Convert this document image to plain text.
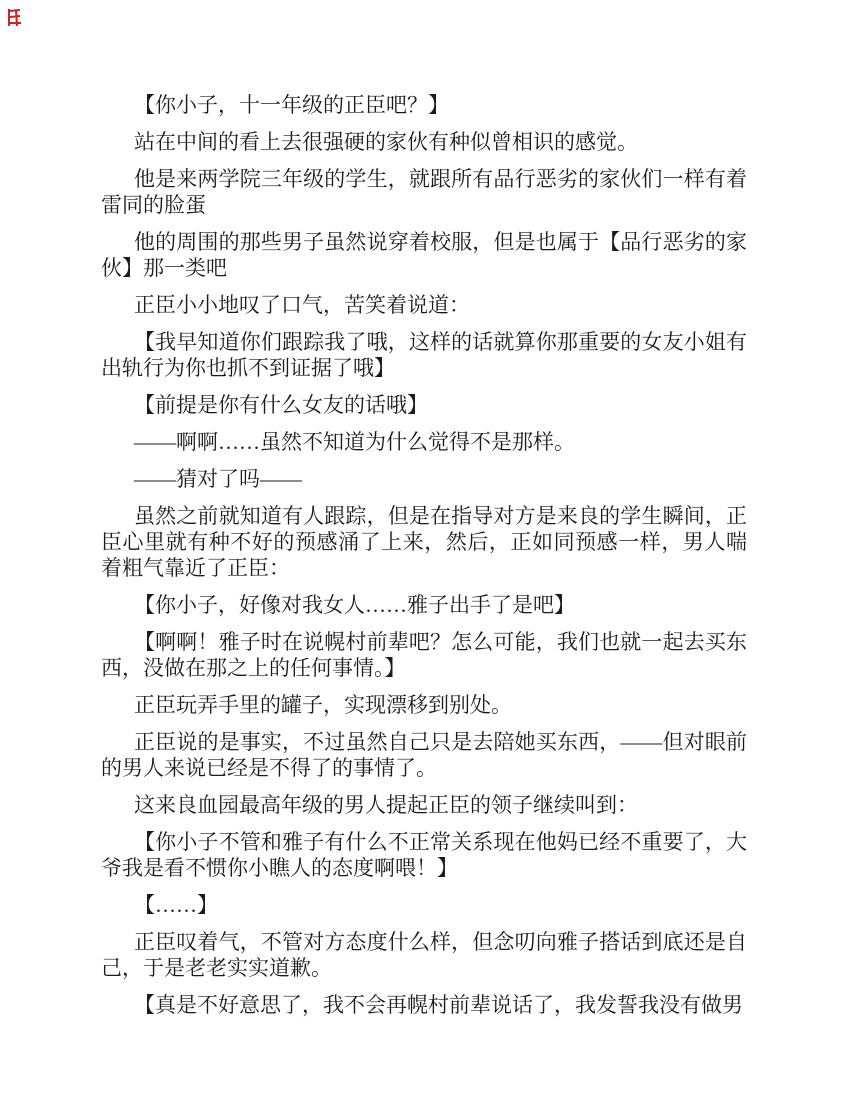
【你小子，十一年级的正臣吧？】

站在中间的看上去很强硬的家伙有种似曾相识的感觉。

他是来两学院三年级的学生，就跟所有品行恶劣的家伙们一样有着雷同的脸蛋

他的周围的那些男子虽然说穿着校服，但是也属于【品行恶劣的家伙】那一类吧

正臣小小地叹了口气，苦笑着说道：

【我早知道你们跟踪我了哦，这样的话就算你那重要的女友小姐有出轨行为你也抓不到证据了哦】

【前提是你有什么女友的话哦】

——啊啊……虽然不知道为什么觉得不是那样。

——猜对了吗——

虽然之前就知道有人跟踪，但是在指导对方是来良的学生瞬间，正臣心里就有种不好的预感涌了上来，然后，正如同预感一样，男人喘着粗气靠近了正臣：

【你小子，好像对我女人……雅子出手了是吧】

【啊啊！雅子时在说幌村前辈吧？怎么可能，我们也就一起去买东西，没做在那之上的任何事情。】

正臣玩弄手里的罐子，实现漂移到别处。

正臣说的是事实，不过虽然自己只是去陪她买东西，——但对眼前的男人来说已经是不得了的事情了。

这来良血园最高年级的男人提起正臣的领子继续叫到：

【你小子不管和雅子有什么不正常关系现在他妈已经不重要了，大爷我是看不惯你小瞧人的态度啊喂！】

【……】

正臣叹着气，不管对方态度什么样，但念叨向雅子搭话到底还是自己，于是老老实实道歉。

【真是不好意思了，我不会再幌村前辈说话了，我发誓我没有做男
